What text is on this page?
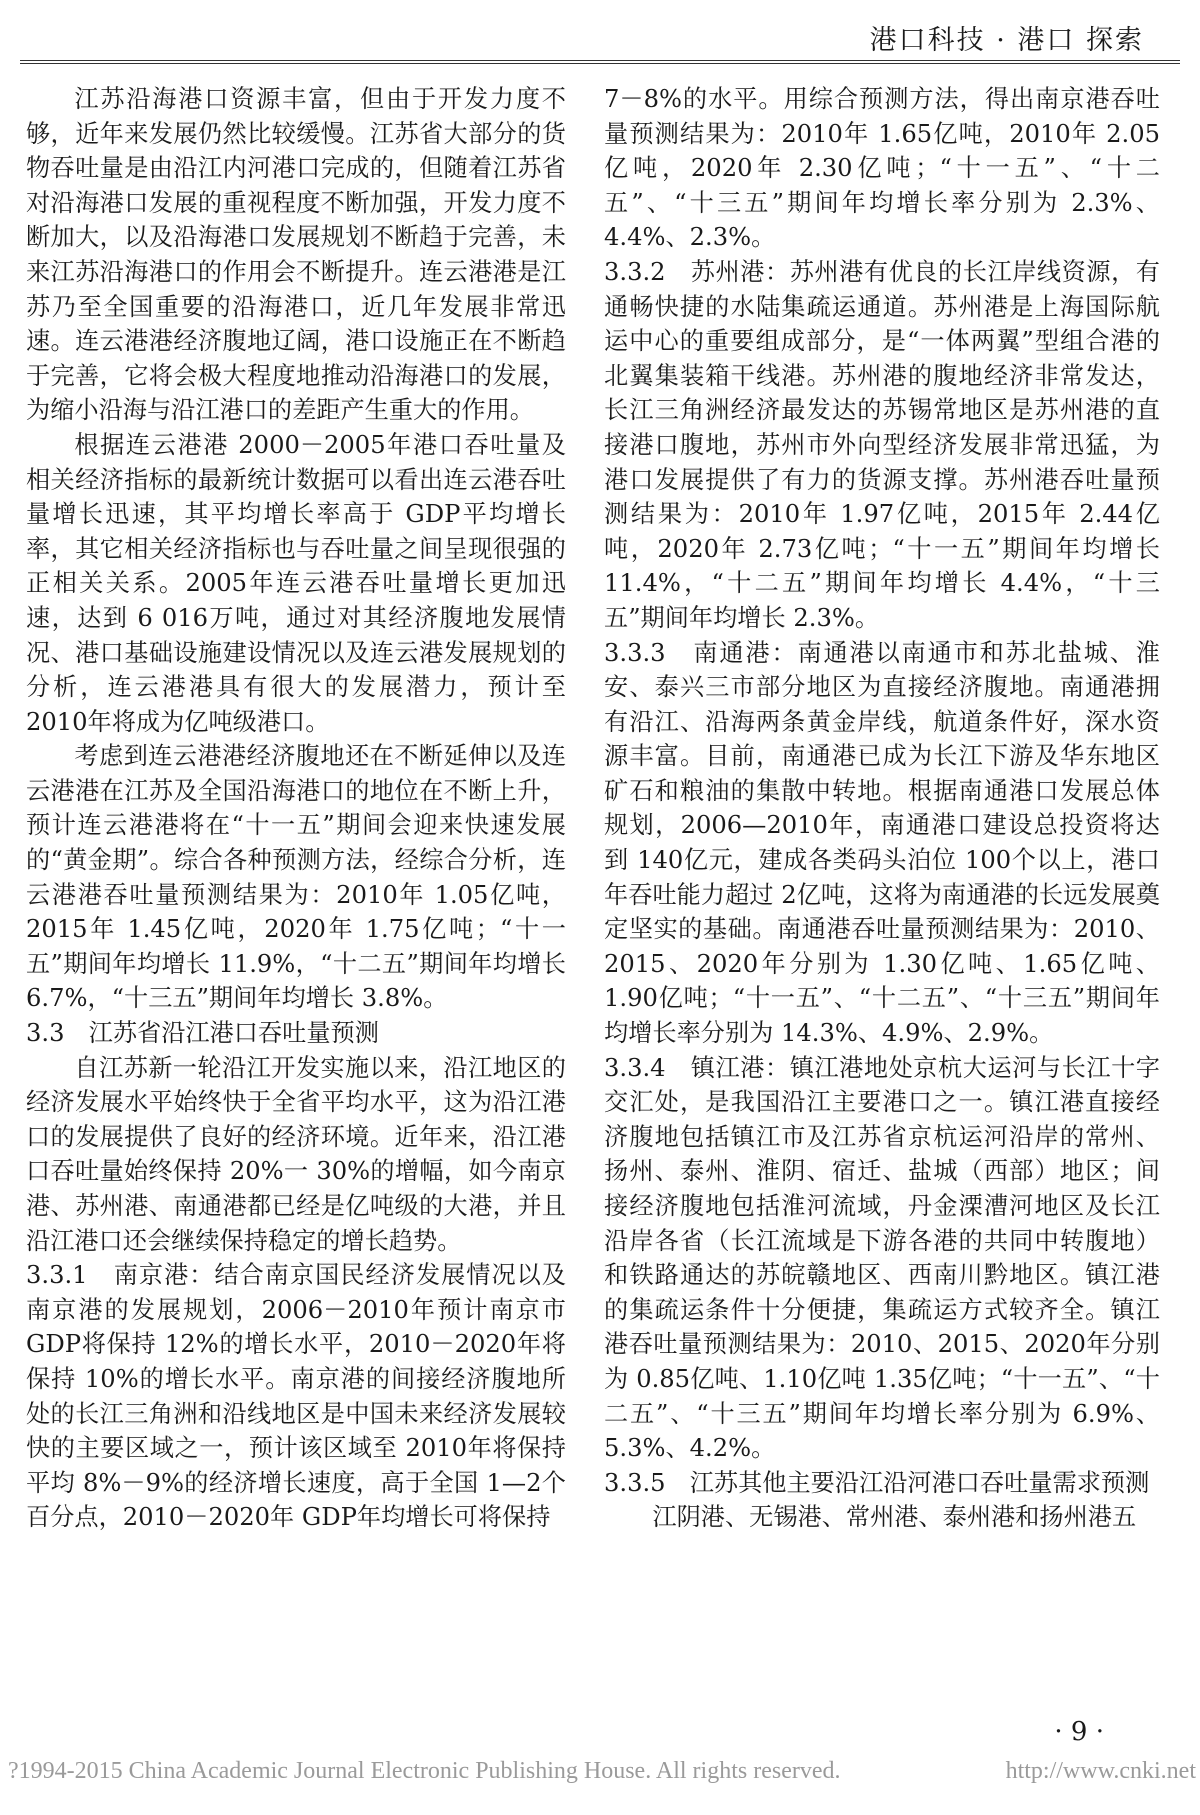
港口科技 · 港口 探索

江苏沿海港口资源丰富，但由于开发力度不够，近年来发展仍然比较缓慢。江苏省大部分的货物吞吐量是由沿江内河港口完成的，但随着江苏省对沿海港口发展的重视程度不断加强，开发力度不断加大，以及沿海港口发展规划不断趋于完善，未来江苏沿海港口的作用会不断提升。连云港港是江苏乃至全国重要的沿海港口，近几年发展非常迅速。连云港港经济腹地辽阔，港口设施正在不断趋于完善，它将会极大程度地推动沿海港口的发展，为缩小沿海与沿江港口的差距产生重大的作用。

根据连云港港 2000－2005年港口吞吐量及相关经济指标的最新统计数据可以看出连云港吞吐量增长迅速，其平均增长率高于 GDP平均增长率，其它相关经济指标也与吞吐量之间呈现很强的正相关关系。2005年连云港吞吐量增长更加迅速，达到 6 016万吨，通过对其经济腹地发展情况、港口基础设施建设情况以及连云港发展规划的分析，连云港港具有很大的发展潜力，预计至 2010年将成为亿吨级港口。

考虑到连云港港经济腹地还在不断延伸以及连云港港在江苏及全国沿海港口的地位在不断上升，预计连云港港将在“十一五”期间会迎来快速发展的“黄金期”。综合各种预测方法，经综合分析，连云港港吞吐量预测结果为：2010年 1.05亿吨，2015年 1.45亿吨，2020年 1.75亿吨；“十一五”期间年均增长 11.9%，“十二五”期间年均增长 6.7%，“十三五”期间年均增长 3.8%。

3.3　江苏省沿江港口吞吐量预测

自江苏新一轮沿江开发实施以来，沿江地区的经济发展水平始终快于全省平均水平，这为沿江港口的发展提供了良好的经济环境。近年来，沿江港口吞吐量始终保持 20%一 30%的增幅，如今南京港、苏州港、南通港都已经是亿吨级的大港，并且沿江港口还会继续保持稳定的增长趋势。

3.3.1　南京港：结合南京国民经济发展情况以及南京港的发展规划，2006－2010年预计南京市 GDP将保持 12%的增长水平，2010－2020年将保持 10%的增长水平。南京港的间接经济腹地所处的长江三角洲和沿线地区是中国未来经济发展较快的主要区域之一，预计该区域至 2010年将保持平均 8%－9%的经济增长速度，高于全国 1—2个百分点，2010－2020年 GDP年均增长可将保持

7－8%的水平。用综合预测方法，得出南京港吞吐量预测结果为：2010年 1.65亿吨，2010年 2.05亿吨，2020年 2.30亿吨；“十一五”、“十二五”、“十三五”期间年均增长率分别为 2.3%、4.4%、2.3%。

3.3.2　苏州港：苏州港有优良的长江岸线资源，有通畅快捷的水陆集疏运通道。苏州港是上海国际航运中心的重要组成部分，是“一体两翼”型组合港的北翼集装箱干线港。苏州港的腹地经济非常发达，长江三角洲经济最发达的苏锡常地区是苏州港的直接港口腹地，苏州市外向型经济发展非常迅猛，为港口发展提供了有力的货源支撑。苏州港吞吐量预测结果为：2010年 1.97亿吨，2015年 2.44亿吨，2020年 2.73亿吨；“十一五”期间年均增长 11.4%，“十二五”期间年均增长 4.4%，“十三五”期间年均增长 2.3%。

3.3.3　南通港：南通港以南通市和苏北盐城、淮安、泰兴三市部分地区为直接经济腹地。南通港拥有沿江、沿海两条黄金岸线，航道条件好，深水资源丰富。目前，南通港已成为长江下游及华东地区矿石和粮油的集散中转地。根据南通港口发展总体规划，2006—2010年，南通港口建设总投资将达到 140亿元，建成各类码头泊位 100个以上，港口年吞吐能力超过 2亿吨，这将为南通港的长远发展奠定坚实的基础。南通港吞吐量预测结果为：2010、2015、2020年分别为 1.30亿吨、1.65亿吨、1.90亿吨；“十一五”、“十二五”、“十三五”期间年均增长率分别为 14.3%、4.9%、2.9%。

3.3.4　镇江港：镇江港地处京杭大运河与长江十字交汇处，是我国沿江主要港口之一。镇江港直接经济腹地包括镇江市及江苏省京杭运河沿岸的常州、扬州、泰州、淮阴、宿迁、盐城（西部）地区；间接经济腹地包括淮河流域，丹金溧漕河地区及长江沿岸各省（长江流域是下游各港的共同中转腹地）和铁路通达的苏皖赣地区、西南川黔地区。镇江港的集疏运条件十分便捷，集疏运方式较齐全。镇江港吞吐量预测结果为：2010、2015、2020年分别为 0.85亿吨、1.10亿吨 1.35亿吨；“十一五”、“十二五”、“十三五”期间年均增长率分别为 6.9%、5.3%、4.2%。

3.3.5　江苏其他主要沿江沿河港口吞吐量需求预测

江阴港、无锡港、常州港、泰州港和扬州港五

· 9 ·
?1994-2015 China Academic Journal Electronic Publishing House. All rights reserved.	http://www.cnki.net
